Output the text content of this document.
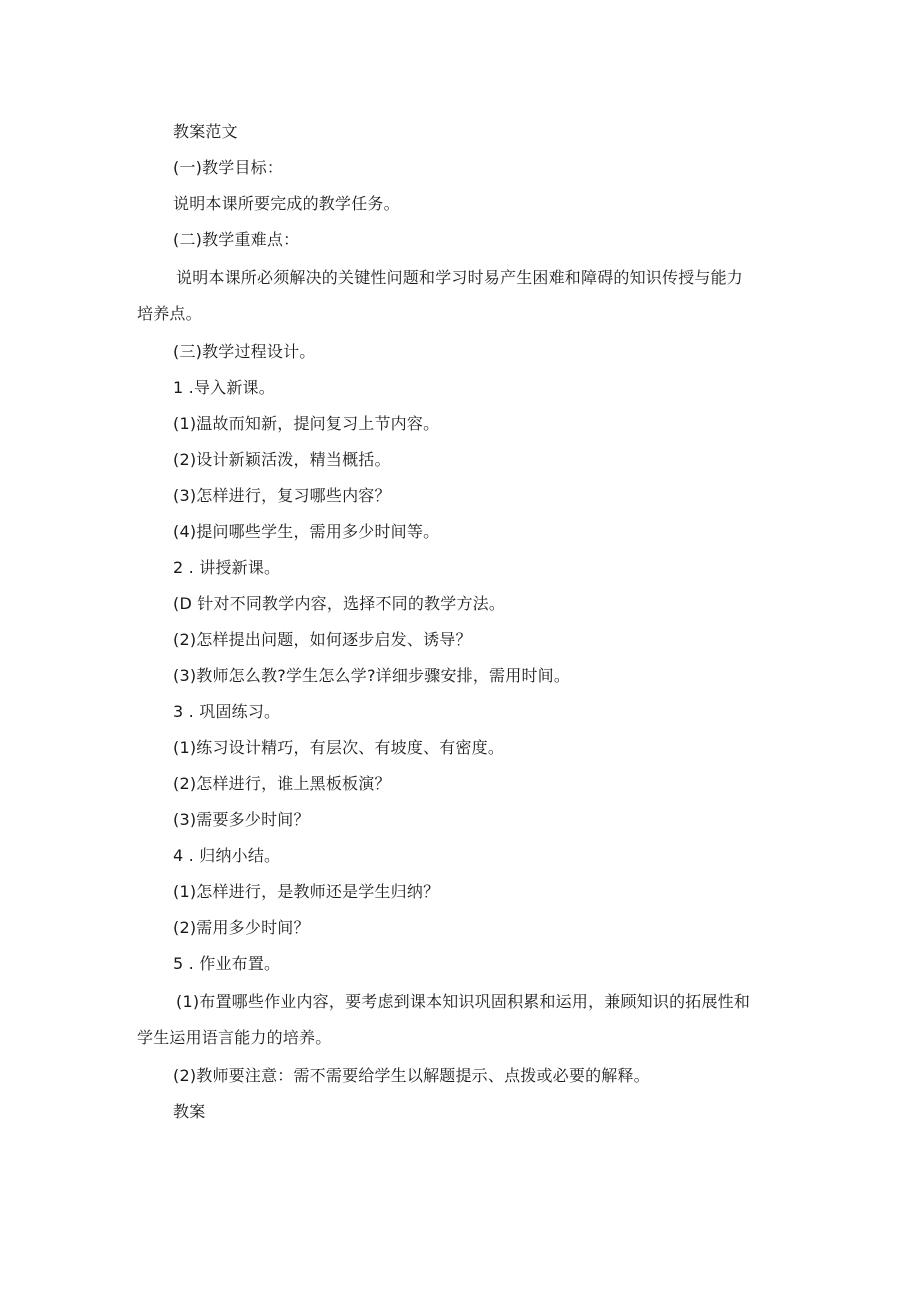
教案范文
(一)教学目标：
说明本课所要完成的教学任务。
(二)教学重难点：
说明本课所必须解决的关键性问题和学习时易产生困难和障碍的知识传授与能力
培养点。
(三)教学过程设计。
1 .导入新课。
(1)温故而知新，提问复习上节内容。
(2)设计新颖活泼，精当概括。
(3)怎样进行，复习哪些内容？
(4)提问哪些学生，需用多少时间等。
2 . 讲授新课。
(D 针对不同教学内容，选择不同的教学方法。
(2)怎样提出问题，如何逐步启发、诱导？
(3)教师怎么教?学生怎么学?详细步骤安排，需用时间。
3 . 巩固练习。
(1)练习设计精巧，有层次、有坡度、有密度。
(2)怎样进行，谁上黑板板演？
(3)需要多少时间？
4 . 归纳小结。
(1)怎样进行，是教师还是学生归纳？
(2)需用多少时间？
5 . 作业布置。
(1)布置哪些作业内容，要考虑到课本知识巩固积累和运用，兼顾知识的拓展性和
学生运用语言能力的培养。
(2)教师要注意：需不需要给学生以解题提示、点拨或必要的解释。
教案
